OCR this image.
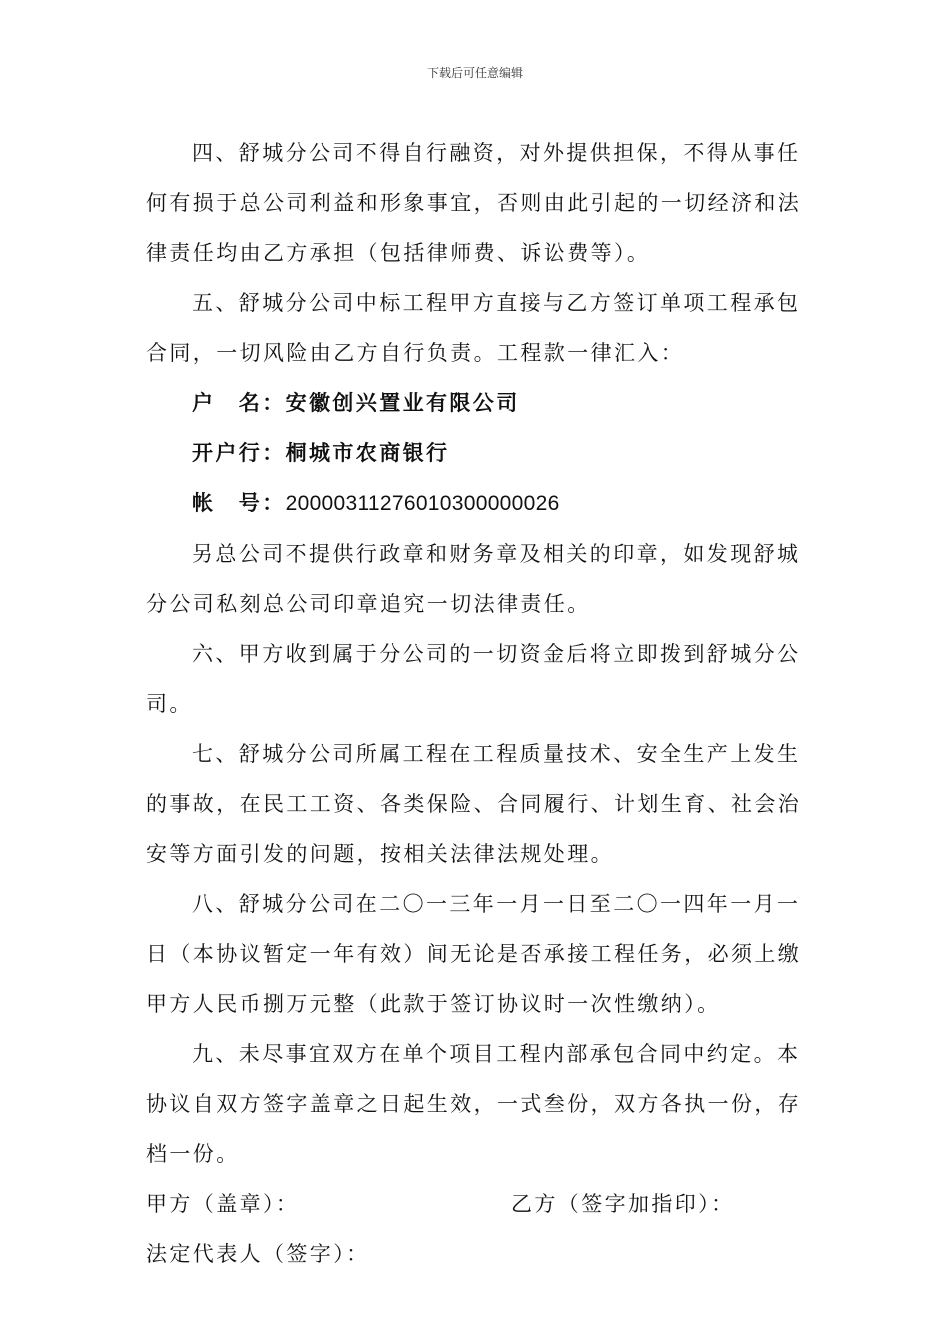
下载后可任意编辑

四、舒城分公司不得自行融资，对外提供担保，不得从事任何有损于总公司利益和形象事宜，否则由此引起的一切经济和法律责任均由乙方承担（包括律师费、诉讼费等）。

五、舒城分公司中标工程甲方直接与乙方签订单项工程承包合同，一切风险由乙方自行负责。工程款一律汇入：

户　名：安徽创兴置业有限公司

开户行：桐城市农商银行

帐　号：20000311276010300000026

另总公司不提供行政章和财务章及相关的印章，如发现舒城分公司私刻总公司印章追究一切法律责任。

六、甲方收到属于分公司的一切资金后将立即拨到舒城分公司。

七、舒城分公司所属工程在工程质量技术、安全生产上发生的事故，在民工工资、各类保险、合同履行、计划生育、社会治安等方面引发的问题，按相关法律法规处理。

八、舒城分公司在二〇一三年一月一日至二〇一四年一月一日（本协议暂定一年有效）间无论是否承接工程任务，必须上缴甲方人民币捌万元整（此款于签订协议时一次性缴纳）。

九、未尽事宜双方在单个项目工程内部承包合同中约定。本协议自双方签字盖章之日起生效，一式叁份，双方各执一份，存档一份。

甲方（盖章）：	乙方（签字加指印）：

法定代表人（签字）：
